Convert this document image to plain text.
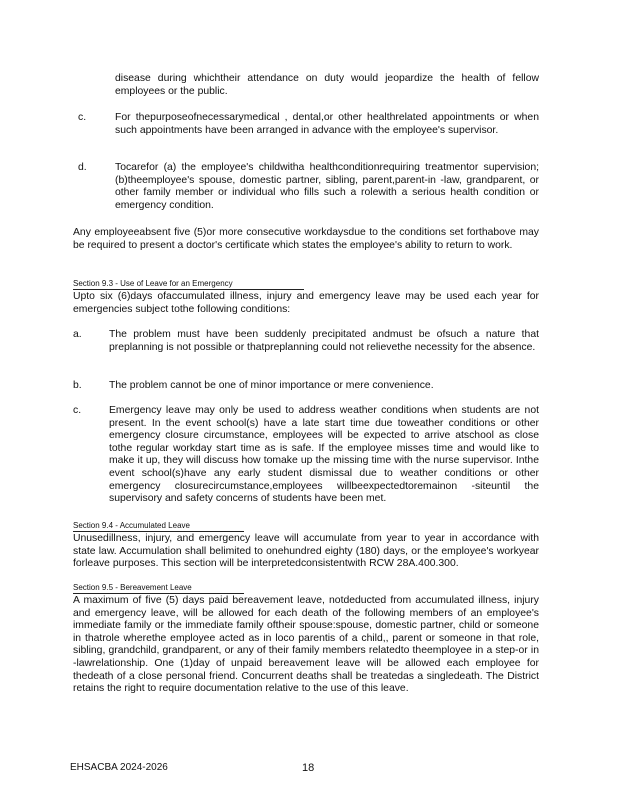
disease during whichtheir attendance on duty would jeopardize the health of fellow employees or the public.
c.	For thepurposeofnecessarymedical , dental,or other healthrelated appointments or when such appointments have been arranged in advance with the employee's supervisor.
d.	Tocarefor (a) the employee's childwitha healthconditionrequiring treatmentor supervision;(b)theemployee's spouse, domestic partner, sibling, parent,parent-in -law, grandparent, or other family member or individual who fills such a rolewith a serious health condition or emergency condition.
Any employeeabsent five (5)or more consecutive workdaysdue to the conditions set forthabove may be required to present a doctor's certificate which states the employee's ability to return to work.
Section 9.3 - Use of Leave for an Emergency
Upto six (6)days ofaccumulated illness, injury and emergency leave may be used each year for emergencies subject tothe following conditions:
a.	The problem must have been suddenly precipitated andmust be ofsuch a nature that preplanning is not possible or thatpreplanning could not relievethe necessity for the absence.
b.	The problem cannot be one of minor importance or mere convenience.
c.	Emergency leave may only be used to address weather conditions when students are not present. In the event school(s) have a late start time due toweather conditions or other emergency closure circumstance, employees will be expected to arrive atschool as close tothe regular workday start time as is safe. If the employee misses time and would like to make it up, they will discuss how tomake up the missing time with the nurse supervisor. Inthe event school(s)have any early student dismissal due to weather conditions or other emergency closurecircumstance,employees willbeexpectedtoremainon -siteuntil the supervisory and safety concerns of students have been met.
Section 9.4 - Accumulated Leave
Unusedillness, injury, and emergency leave will accumulate from year to year in accordance with state law. Accumulation shall belimited to onehundred eighty (180) days, or the employee's workyear forleave purposes. This section will be interpretedconsistentwith RCW 28A.400.300.
Section 9.5 - Bereavement Leave
A maximum of five (5) days paid bereavement leave, notdeducted from accumulated illness, injury and emergency leave, will be allowed for each death of the following members of an employee's immediate family or the immediate family oftheir spouse:spouse, domestic partner, child or someone in thatrole wherethe employee acted as in loco parentis of a child,, parent or someone in that role, sibling, grandchild, grandparent, or any of their family members relatedto theemployee in a step-or in -lawrelationship. One (1)day of unpaid bereavement leave will be allowed each employee for thedeath of a close personal friend. Concurrent deaths shall be treatedas a singledeath. The District retains the right to require documentation relative to the use of this leave.
EHSACBA 2024-2026	18
